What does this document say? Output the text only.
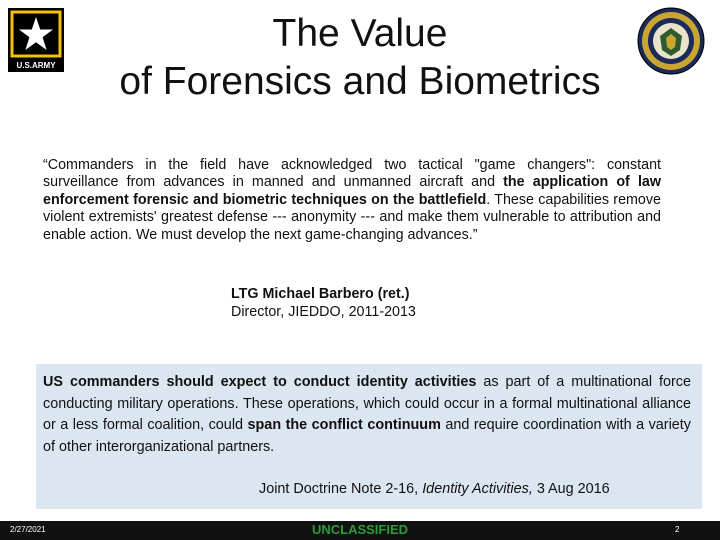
U.S.ARMY
The Value
of Forensics and Biometrics
“Commanders in the field have acknowledged two tactical "game changers": constant surveillance from advances in manned and unmanned aircraft and the application of law enforcement forensic and biometric techniques on the battlefield. These capabilities remove violent extremists' greatest defense --- anonymity --- and make them vulnerable to attribution and enable action. We must develop the next game-changing advances.”
LTG Michael Barbero (ret.)
Director, JIEDDO, 2011-2013
US commanders should expect to conduct identity activities as part of a multinational force conducting military operations. These operations, which could occur in a formal multinational alliance or a less formal coalition, could span the conflict continuum and require coordination with a variety of other interorganizational partners.
Joint Doctrine Note 2-16, Identity Activities, 3 Aug 2016
2/27/2021	UNCLASSIFIED	2
